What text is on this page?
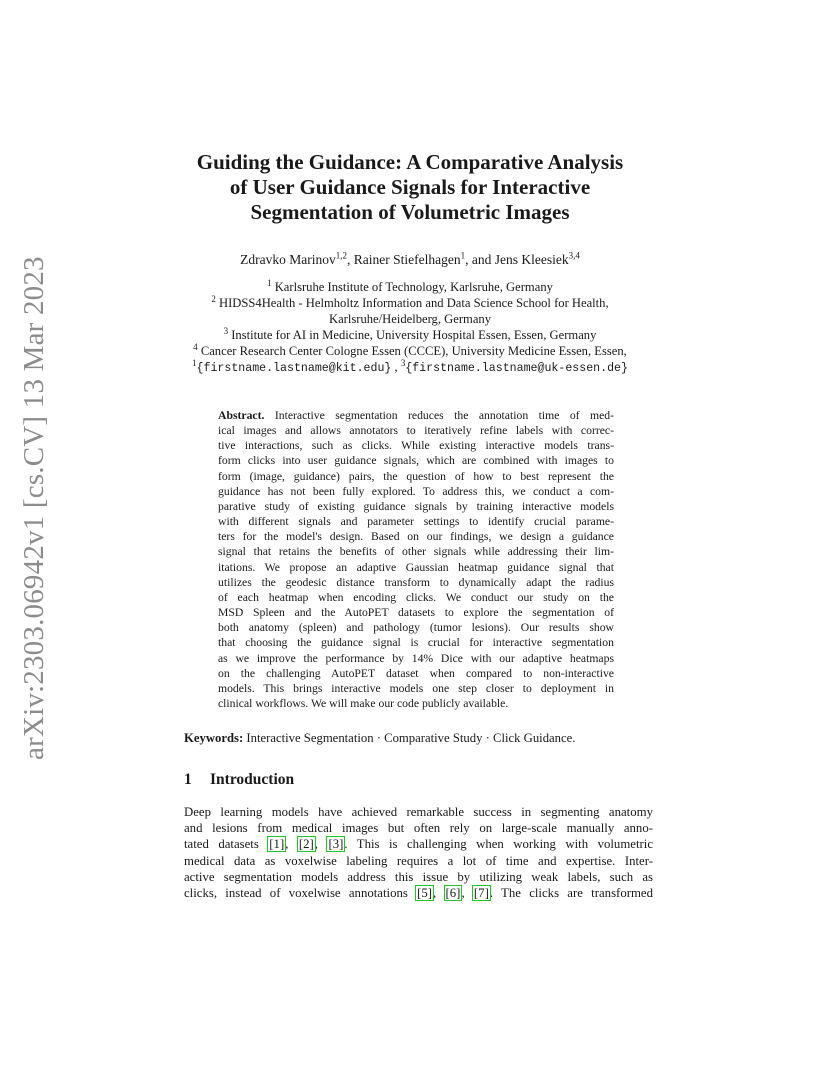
arXiv:2303.06942v1 [cs.CV] 13 Mar 2023
Guiding the Guidance: A Comparative Analysis
of User Guidance Signals for Interactive
Segmentation of Volumetric Images
Zdravko Marinov$^{1,2}$, Rainer Stiefelhagen$^1$, and Jens Kleesiek$^{3,4}$
$^1$ Karlsruhe Institute of Technology, Karlsruhe, Germany
$^2$ HIDSS4Health - Helmholtz Information and Data Science School for Health,
Karlsruhe/Heidelberg, Germany
$^3$ Institute for AI in Medicine, University Hospital Essen, Essen, Germany
$^4$ Cancer Research Center Cologne Essen (CCCE), University Medicine Essen, Essen,
$^1${firstname.lastname@kit.edu} , $^3${firstname.lastname@uk-essen.de}
Abstract. Interactive segmentation reduces the annotation time of med-
ical images and allows annotators to iteratively refine labels with correc-
tive interactions, such as clicks. While existing interactive models trans-
form clicks into user guidance signals, which are combined with images to
form (image, guidance) pairs, the question of how to best represent the
guidance has not been fully explored. To address this, we conduct a com-
parative study of existing guidance signals by training interactive models
with different signals and parameter settings to identify crucial parame-
ters for the model's design. Based on our findings, we design a guidance
signal that retains the benefits of other signals while addressing their lim-
itations. We propose an adaptive Gaussian heatmap guidance signal that
utilizes the geodesic distance transform to dynamically adapt the radius
of each heatmap when encoding clicks. We conduct our study on the
MSD Spleen and the AutoPET datasets to explore the segmentation of
both anatomy (spleen) and pathology (tumor lesions). Our results show
that choosing the guidance signal is crucial for interactive segmentation
as we improve the performance by 14% Dice with our adaptive heatmaps
on the challenging AutoPET dataset when compared to non-interactive
models. This brings interactive models one step closer to deployment in
clinical workflows. We will make our code publicly available.
Keywords: Interactive Segmentation · Comparative Study · Click Guidance.
1 Introduction
Deep learning models have achieved remarkable success in segmenting anatomy
and lesions from medical images but often rely on large-scale manually anno-
tated datasets [1], [2], [3]. This is challenging when working with volumetric
medical data as voxelwise labeling requires a lot of time and expertise. Inter-
active segmentation models address this issue by utilizing weak labels, such as
clicks, instead of voxelwise annotations [5], [6], [7]. The clicks are transformed
